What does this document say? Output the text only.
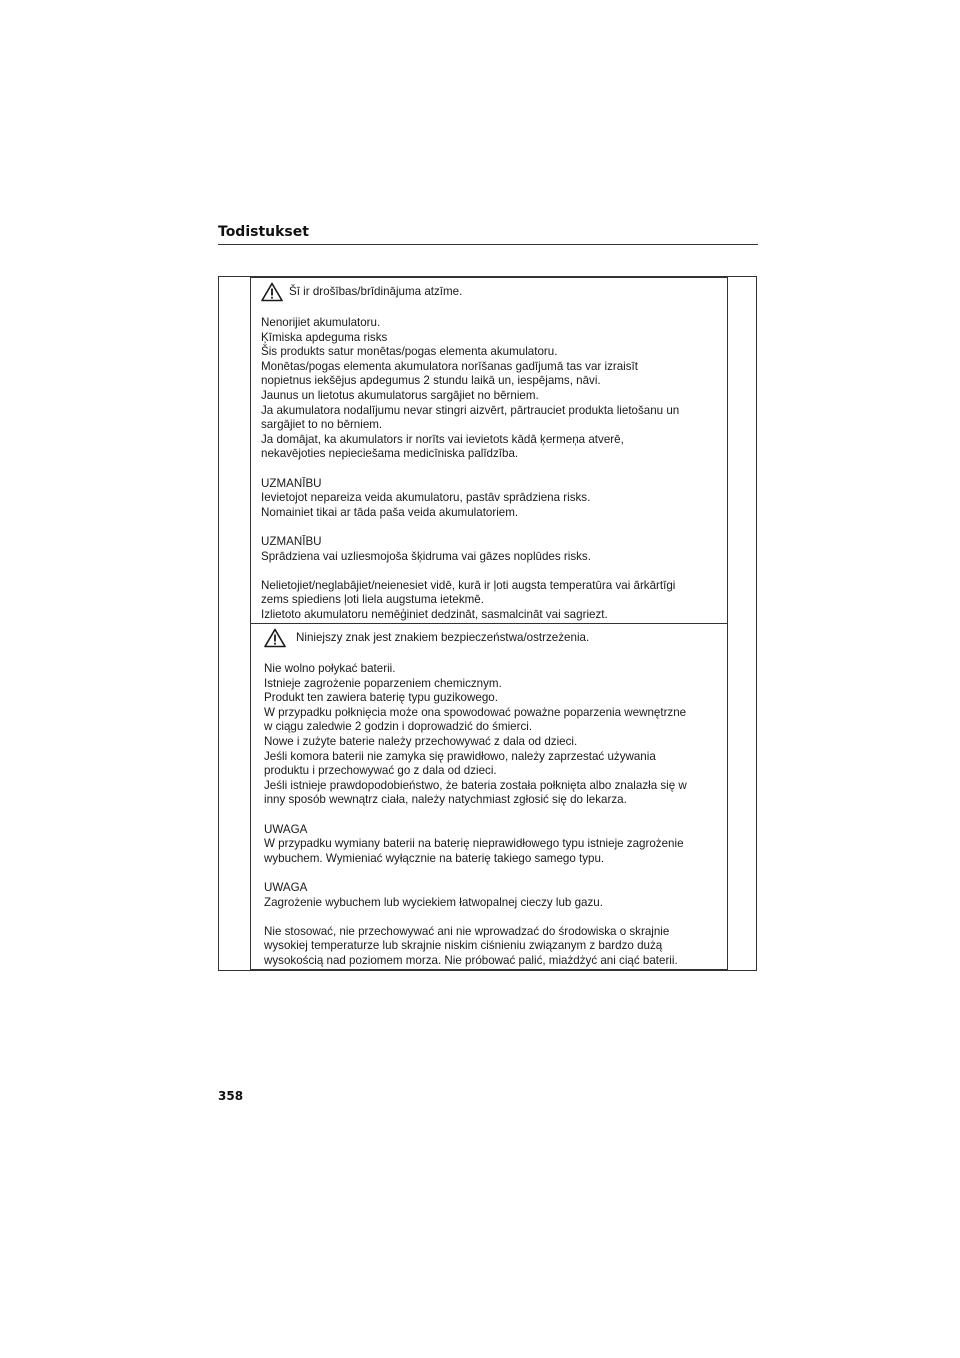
Todistukset
Šī ir drošības/brīdinājuma atzīme.
Nenorijiet akumulatoru.
Ķīmiska apdeguma risks
Šis produkts satur monētas/pogas elementa akumulatoru.
Monētas/pogas elementa akumulatora norīšanas gadījumā tas var izraisīt
nopietnus iekšējus apdegumus 2 stundu laikā un, iespējams, nāvi.
Jaunus un lietotus akumulatorus sargājiet no bērniem.
Ja akumulatora nodalījumu nevar stingri aizvērt, pārtrauciet produkta lietošanu un
sargājiet to no bērniem.
Ja domājat, ka akumulators ir norīts vai ievietots kādā ķermeņa atverē,
nekavējoties nepieciešama medicīniska palīdzība.
UZMANĪBU
Ievietojot nepareiza veida akumulatoru, pastāv sprādziena risks.
Nomainiet tikai ar tāda paša veida akumulatoriem.
UZMANĪBU
Sprādziena vai uzliesmojoša šķidruma vai gāzes noplūdes risks.
Nelietojiet/neglabājiet/neienesiet vidē, kurā ir ļoti augsta temperatūra vai ārkārtīgi
zems spiediens ļoti liela augstuma ietekmē.
Izlietoto akumulatoru nemēģiniet dedzināt, sasmalcināt vai sagriezt.
Niniejszy znak jest znakiem bezpieczeństwa/ostrzeżenia.
Nie wolno połykać baterii.
Istnieje zagrożenie poparzeniem chemicznym.
Produkt ten zawiera baterię typu guzikowego.
W przypadku połknięcia może ona spowodować poważne poparzenia wewnętrzne
w ciągu zaledwie 2 godzin i doprowadzić do śmierci.
Nowe i zużyte baterie należy przechowywać z dala od dzieci.
Jeśli komora baterii nie zamyka się prawidłowo, należy zaprzestać używania
produktu i przechowywać go z dala od dzieci.
Jeśli istnieje prawdopodobieństwo, że bateria została połknięta albo znalazła się w
inny sposób wewnątrz ciała, należy natychmiast zgłosić się do lekarza.
UWAGA
W przypadku wymiany baterii na baterię nieprawidłowego typu istnieje zagrożenie
wybuchem. Wymieniać wyłącznie na baterię takiego samego typu.
UWAGA
Zagrożenie wybuchem lub wyciekiem łatwopalnej cieczy lub gazu.
Nie stosować, nie przechowywać ani nie wprowadzać do środowiska o skrajnie
wysokiej temperaturze lub skrajnie niskim ciśnieniu związanym z bardzo dużą
wysokością nad poziomem morza. Nie próbować palić, miażdżyć ani ciąć baterii.
358
